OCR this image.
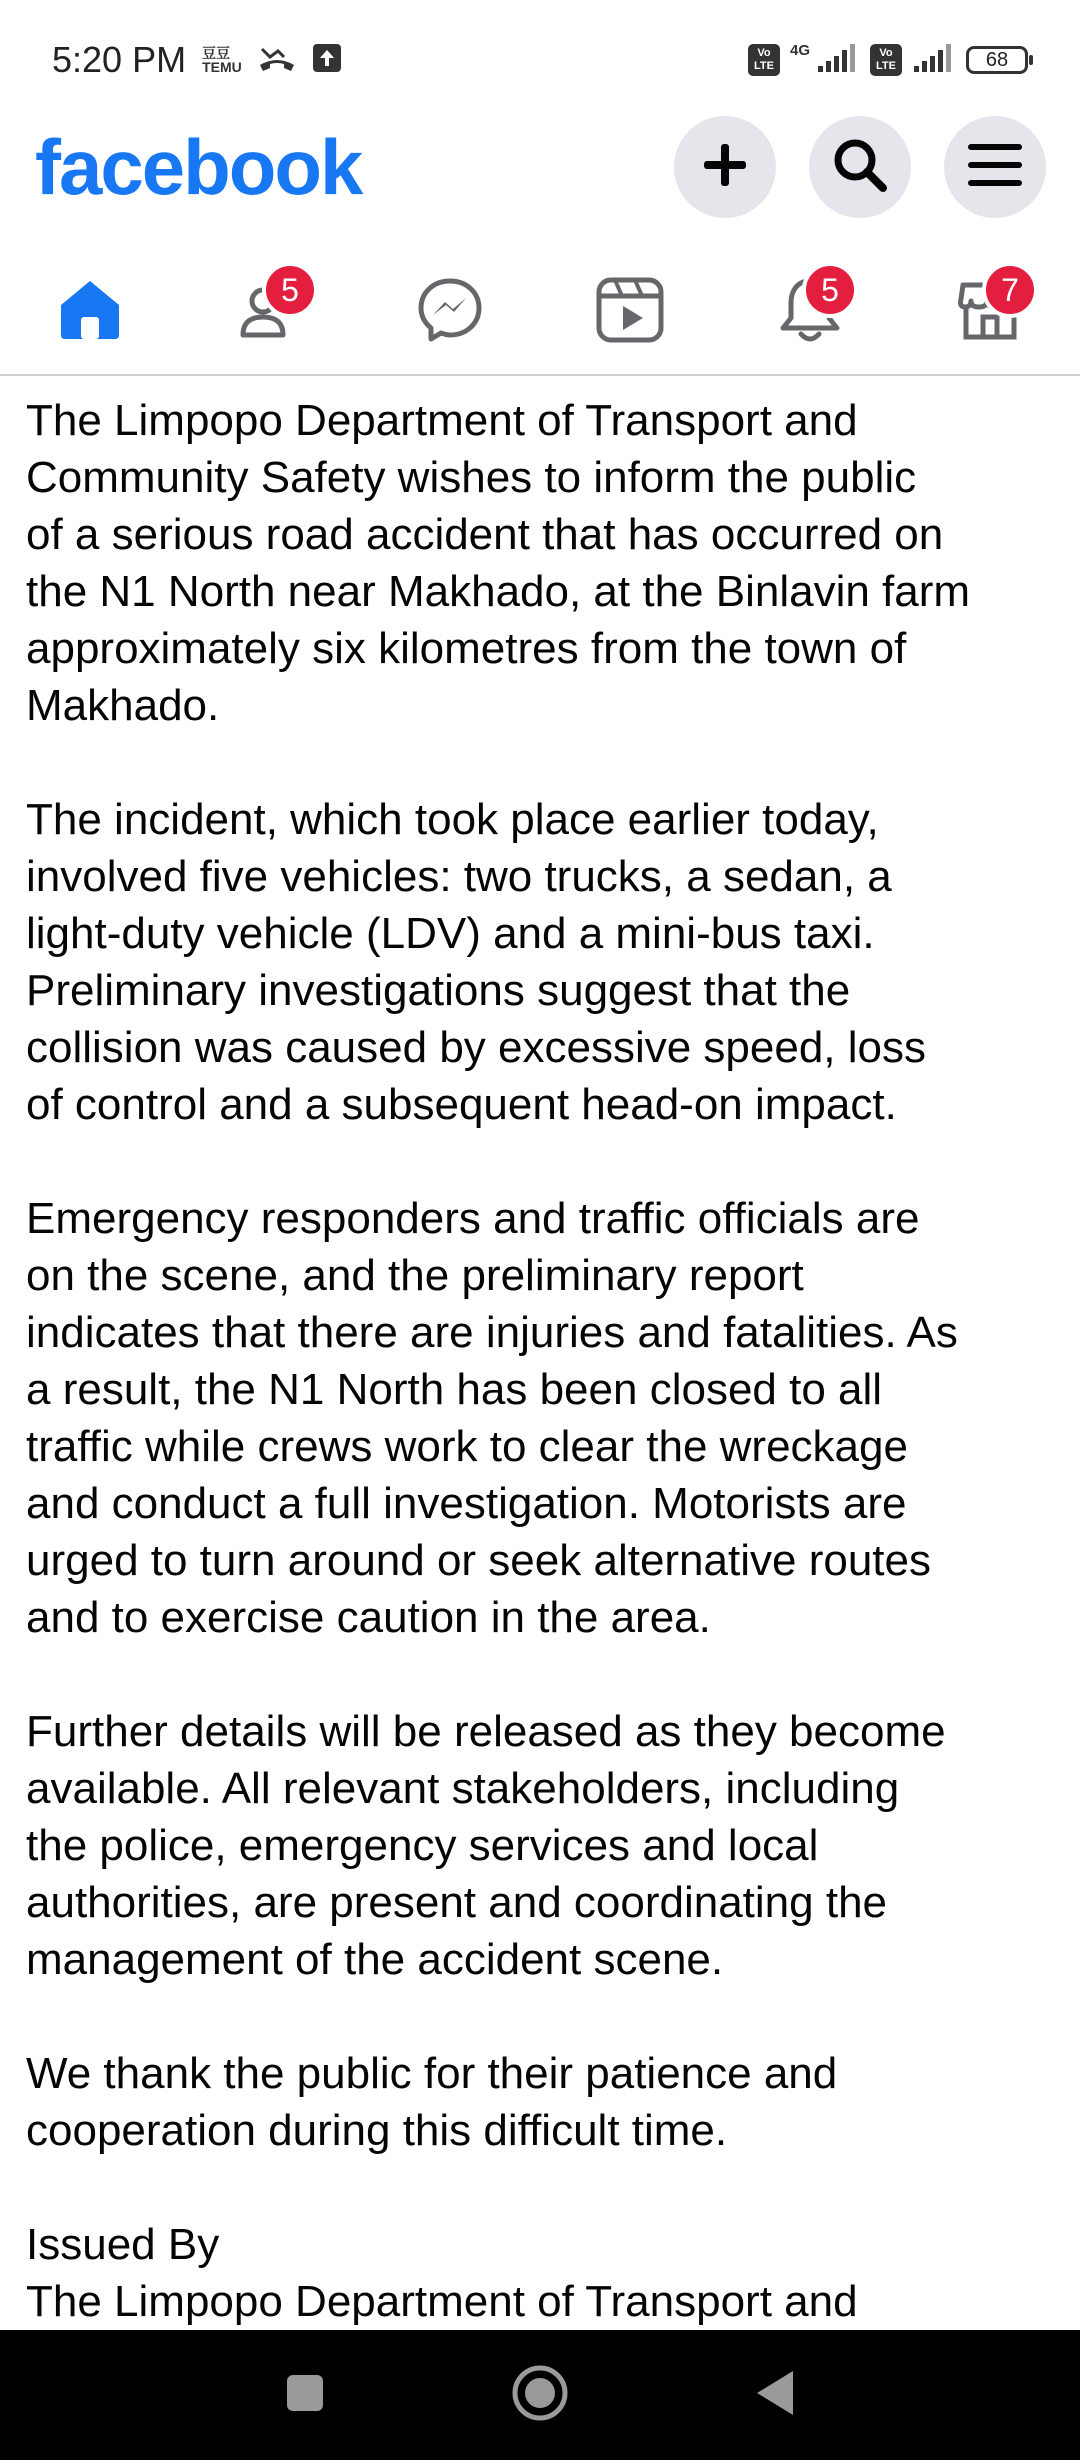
5:20 PM 豆豆
TEMU
Vo
LTE
4G	Vo
LTE	68
facebook
5	5	7

The Limpopo Department of Transport and
Community Safety wishes to inform the public
of a serious road accident that has occurred on
the N1 North near Makhado, at the Binlavin farm
approximately six kilometres from the town of
Makhado.

The incident, which took place earlier today,
involved five vehicles: two trucks, a sedan, a
light-duty vehicle (LDV) and a mini-bus taxi.
Preliminary investigations suggest that the
collision was caused by excessive speed, loss
of control and a subsequent head-on impact.

Emergency responders and traffic officials are
on the scene, and the preliminary report
indicates that there are injuries and fatalities. As
a result, the N1 North has been closed to all
traffic while crews work to clear the wreckage
and conduct a full investigation. Motorists are
urged to turn around or seek alternative routes
and to exercise caution in the area.

Further details will be released as they become
available. All relevant stakeholders, including
the police, emergency services and local
authorities, are present and coordinating the
management of the accident scene.

We thank the public for their patience and
cooperation during this difficult time.

Issued By

The Limpopo Department of Transport and
